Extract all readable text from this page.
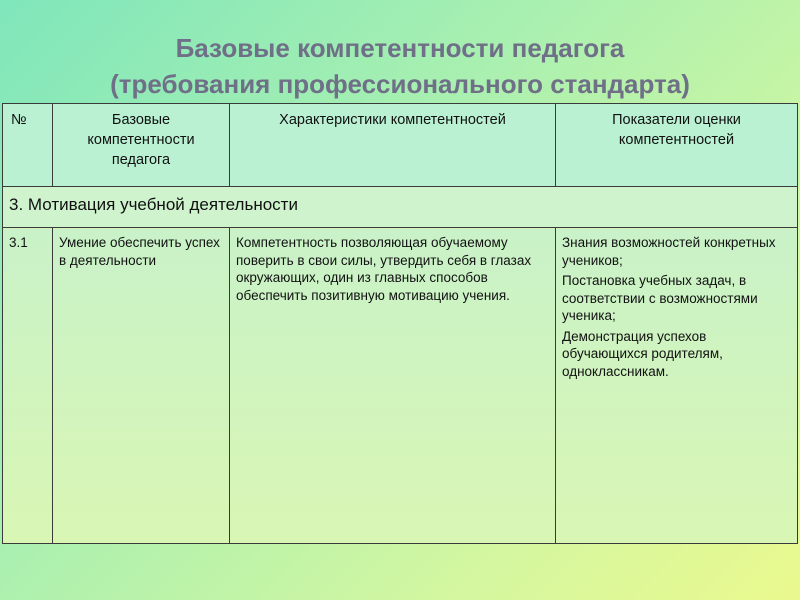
Базовые компетентности педагога
(требования профессионального стандарта)
№	Базовые компетентности педагога	Характеристики компетентностей	Показатели оценки компетентностей
3. Мотивация учебной деятельности			
3.1	Умение обеспечить успех в деятельности	Компетентность позволяющая обучаемому поверить в свои силы, утвердить себя в глазах окружающих, один из главных способов обеспечить позитивную мотивацию учения.	Знания возможностей конкретных учеников;

Постановка учебных задач, в соответствии с возможностями ученика;

Демонстрация успехов обучающихся родителям, одноклассникам.
